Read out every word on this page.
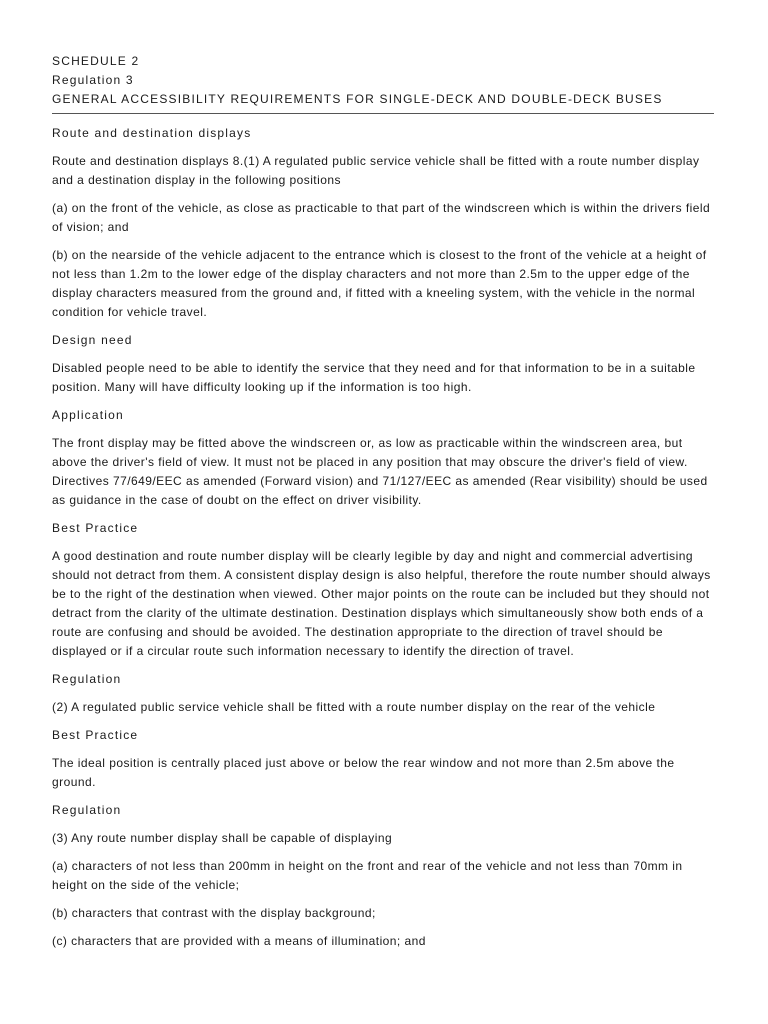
SCHEDULE 2

Regulation 3

GENERAL ACCESSIBILITY REQUIREMENTS FOR SINGLE-DECK AND DOUBLE-DECK BUSES

Route and destination displays

Route and destination displays 8.(1) A regulated public service vehicle shall be fitted with a route number display and a destination display in the following positions

(a) on the front of the vehicle, as close as practicable to that part of the windscreen which is within the drivers field of vision; and

(b) on the nearside of the vehicle adjacent to the entrance which is closest to the front of the vehicle at a height of not less than 1.2m to the lower edge of the display characters and not more than 2.5m to the upper edge of the display characters measured from the ground and, if fitted with a kneeling system, with the vehicle in the normal condition for vehicle travel.

Design need

Disabled people need to be able to identify the service that they need and for that information to be in a suitable position. Many will have difficulty looking up if the information is too high.

Application

The front display may be fitted above the windscreen or, as low as practicable within the windscreen area, but above the driver's field of view. It must not be placed in any position that may obscure the driver's field of view. Directives 77/649/EEC as amended (Forward vision) and 71/127/EEC as amended (Rear visibility) should be used as guidance in the case of doubt on the effect on driver visibility.

Best Practice

A good destination and route number display will be clearly legible by day and night and commercial advertising should not detract from them. A consistent display design is also helpful, therefore the route number should always be to the right of the destination when viewed. Other major points on the route can be included but they should not detract from the clarity of the ultimate destination. Destination displays which simultaneously show both ends of a route are confusing and should be avoided. The destination appropriate to the direction of travel should be displayed or if a circular route such information necessary to identify the direction of travel.

Regulation

(2) A regulated public service vehicle shall be fitted with a route number display on the rear of the vehicle

Best Practice

The ideal position is centrally placed just above or below the rear window and not more than 2.5m above the ground.

Regulation

(3) Any route number display shall be capable of displaying

(a) characters of not less than 200mm in height on the front and rear of the vehicle and not less than 70mm in height on the side of the vehicle;

(b) characters that contrast with the display background;

(c) characters that are provided with a means of illumination; and
